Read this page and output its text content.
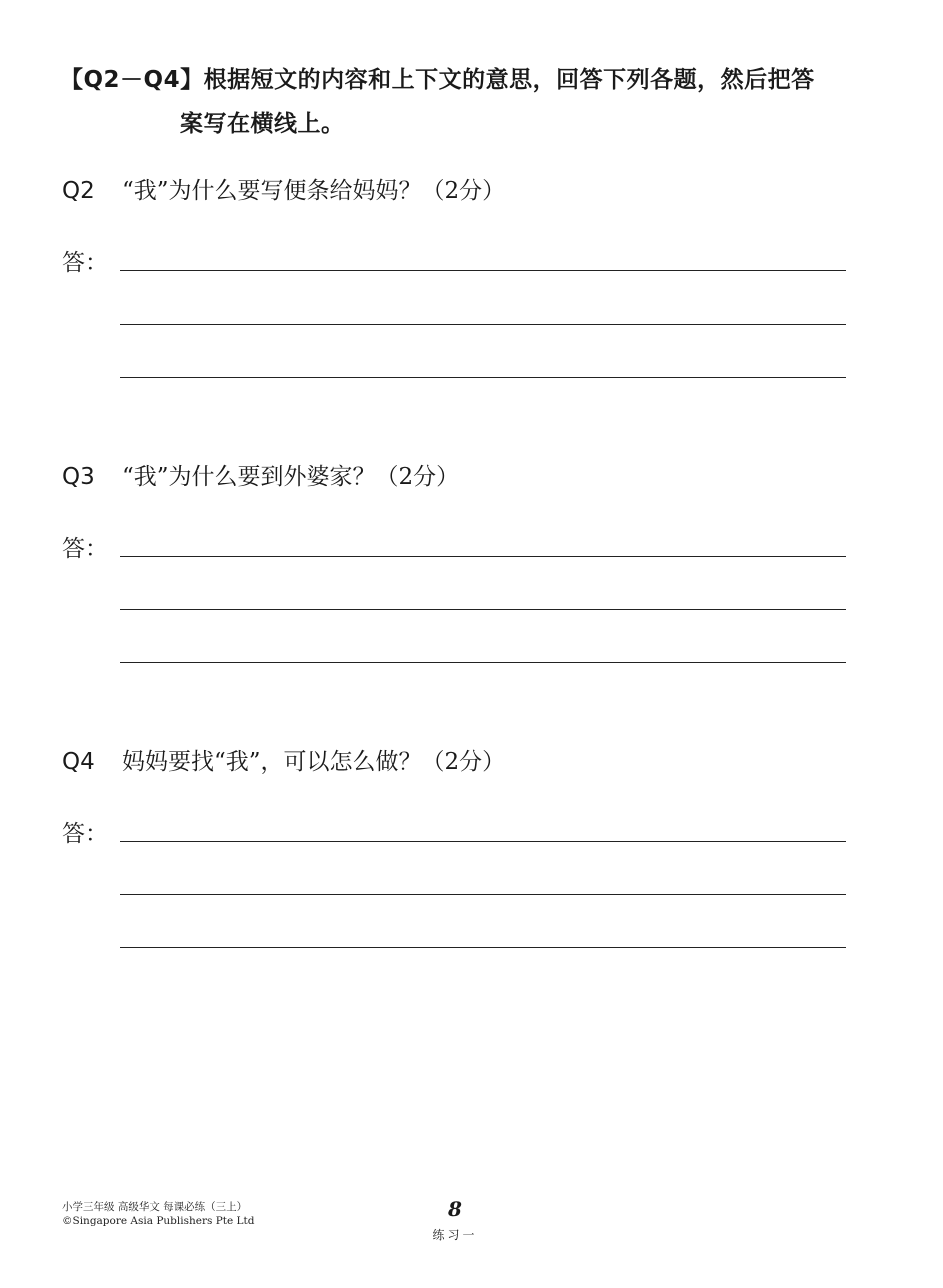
【Q2－Q4】根据短文的内容和上下文的意思，回答下列各题，然后把答
案写在横线上。
Q2	“我”为什么要写便条给妈妈？（2分）
答：
Q3	“我”为什么要到外婆家？（2分）
答：
Q4	妈妈要找“我”，可以怎么做？（2分）
答：
小学三年级 高级华文 每课必练（三上）
©Singapore Asia Publishers Pte Ltd	8
练习一
